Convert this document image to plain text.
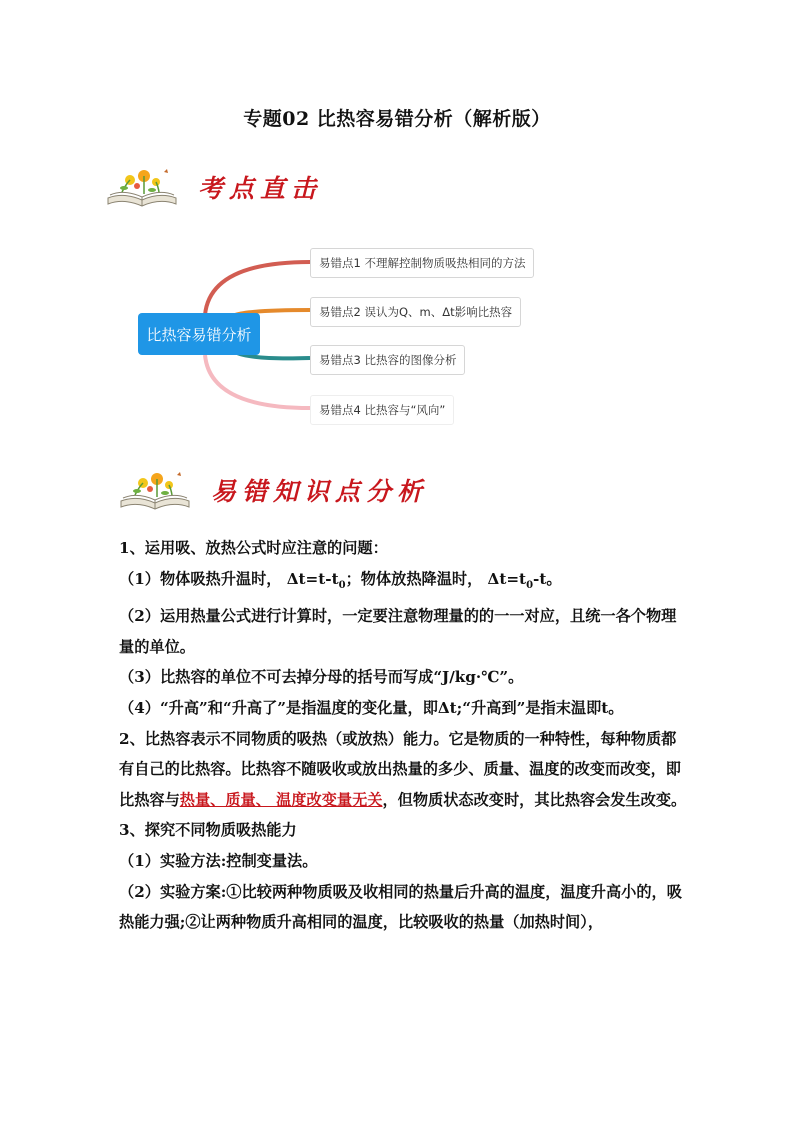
专题02 比热容易错分析（解析版）
考点直击
比热容易错分析
易错点1 不理解控制物质吸热相同的方法
易错点2 误认为Q、m、Δt影响比热容
易错点3 比热容的图像分析
易错点4 比热容与“风向”
易错知识点分析

1、运用吸、放热公式时应注意的问题：

（1）物体吸热升温时， $\Delta t=t-t_0$；物体放热降温时， $\Delta t=t_0-t$。

（2）运用热量公式进行计算时，一定要注意物理量的的一一对应，且统一各个物理量的单位。

（3）比热容的单位不可去掉分母的括号而写成“J/kg·℃”。

（4）“升高”和“升高了”是指温度的变化量，即Δt;“升高到”是指末温即t。

2、比热容表示不同物质的吸热（或放热）能力。它是物质的一种特性，每种物质都有自己的比热容。比热容不随吸收或放出热量的多少、质量、温度的改变而改变，即比热容与热量、质量、 温度改变量无关，但物质状态改变时，其比热容会发生改变。

3、探究不同物质吸热能力

（1）实验方法:控制变量法。

（2）实验方案:①比较两种物质吸及收相同的热量后升高的温度，温度升高小的，吸热能力强;②让两种物质升高相同的温度，比较吸收的热量（加热时间），
